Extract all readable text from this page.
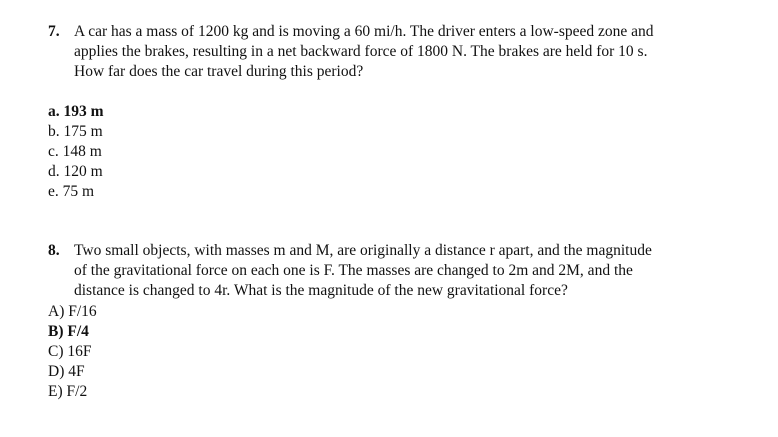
7. A car has a mass of 1200 kg and is moving a 60 mi/h. The driver enters a low-speed zone and
applies the brakes, resulting in a net backward force of 1800 N. The brakes are held for 10 s.
How far does the car travel during this period?
a. 193 m
b. 175 m
c. 148 m
d. 120 m
e. 75 m
8. Two small objects, with masses m and M, are originally a distance r apart, and the magnitude
of the gravitational force on each one is F. The masses are changed to 2m and 2M, and the
distance is changed to 4r. What is the magnitude of the new gravitational force?
A) F/16
B) F/4
C) 16F
D) 4F
E) F/2
